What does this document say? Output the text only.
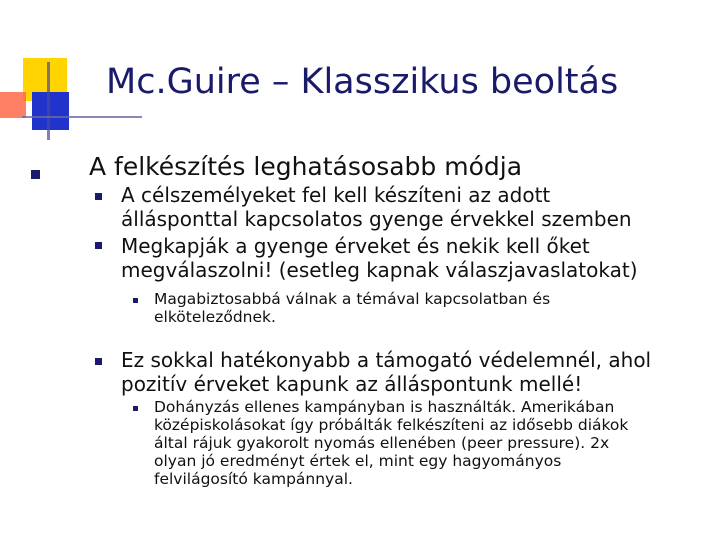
Mc.Guire – Klasszikus beoltás
A felkészítés leghatásosabb módja
A célszemélyeket fel kell készíteni az adott
állásponttal kapcsolatos gyenge érvekkel szemben
Megkapják a gyenge érveket és nekik kell őket
megválaszolni! (esetleg kapnak válaszjavaslatokat)
Magabiztosabbá válnak a témával kapcsolatban és
elköteleződnek.
Ez sokkal hatékonyabb a támogató védelemnél, ahol
pozitív érveket kapunk az álláspontunk mellé!
Dohányzás ellenes kampányban is használták. Amerikában
középiskolásokat így próbálták felkészíteni az idősebb diákok
által rájuk gyakorolt nyomás ellenében (peer pressure). 2x
olyan jó eredményt értek el, mint egy hagyományos
felvilágosító kampánnyal.
